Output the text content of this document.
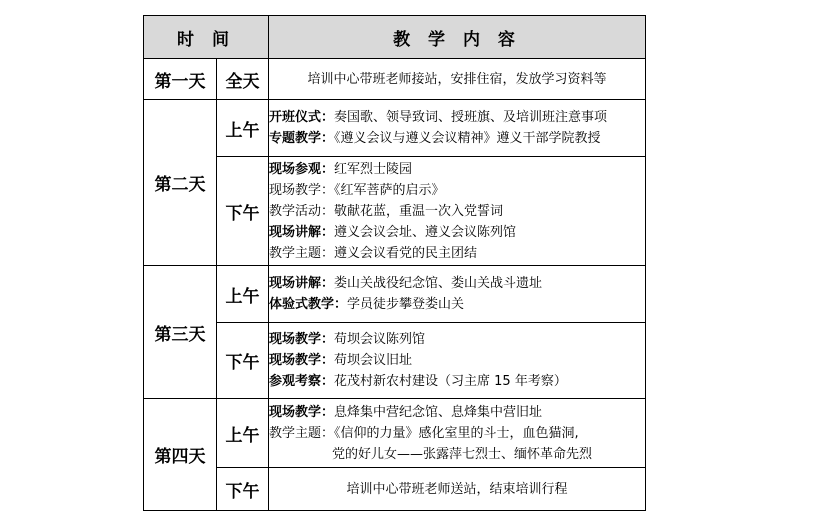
时 间		教 学 内 容
第一天	全天	培训中心带班老师接站，安排住宿，发放学习资料等
第二天	上午	开班仪式：奏国歌、领导致词、授班旗、及培训班注意事项
专题教学：《遵义会议与遵义会议精神》遵义干部学院教授

	下午	现场参观：红军烈士陵园
现场教学：《红军菩萨的启示》
教学活动：敬献花蓝，重温一次入党誓词
现场讲解：遵义会议会址、遵义会议陈列馆
教学主题：遵义会议看党的民主团结

第三天	上午	现场讲解：娄山关战役纪念馆、娄山关战斗遗址
体验式教学：学员徒步攀登娄山关

	下午	现场教学：苟坝会议陈列馆
现场教学：苟坝会议旧址
参观考察：花茂村新农村建设（习主席 15 年考察）

第四天	上午	现场教学：息烽集中营纪念馆、息烽集中营旧址
教学主题：《信仰的力量》感化室里的斗士，血色猫洞,
党的好儿女——张露萍七烈士、缅怀革命先烈

	下午	培训中心带班老师送站，结束培训行程
